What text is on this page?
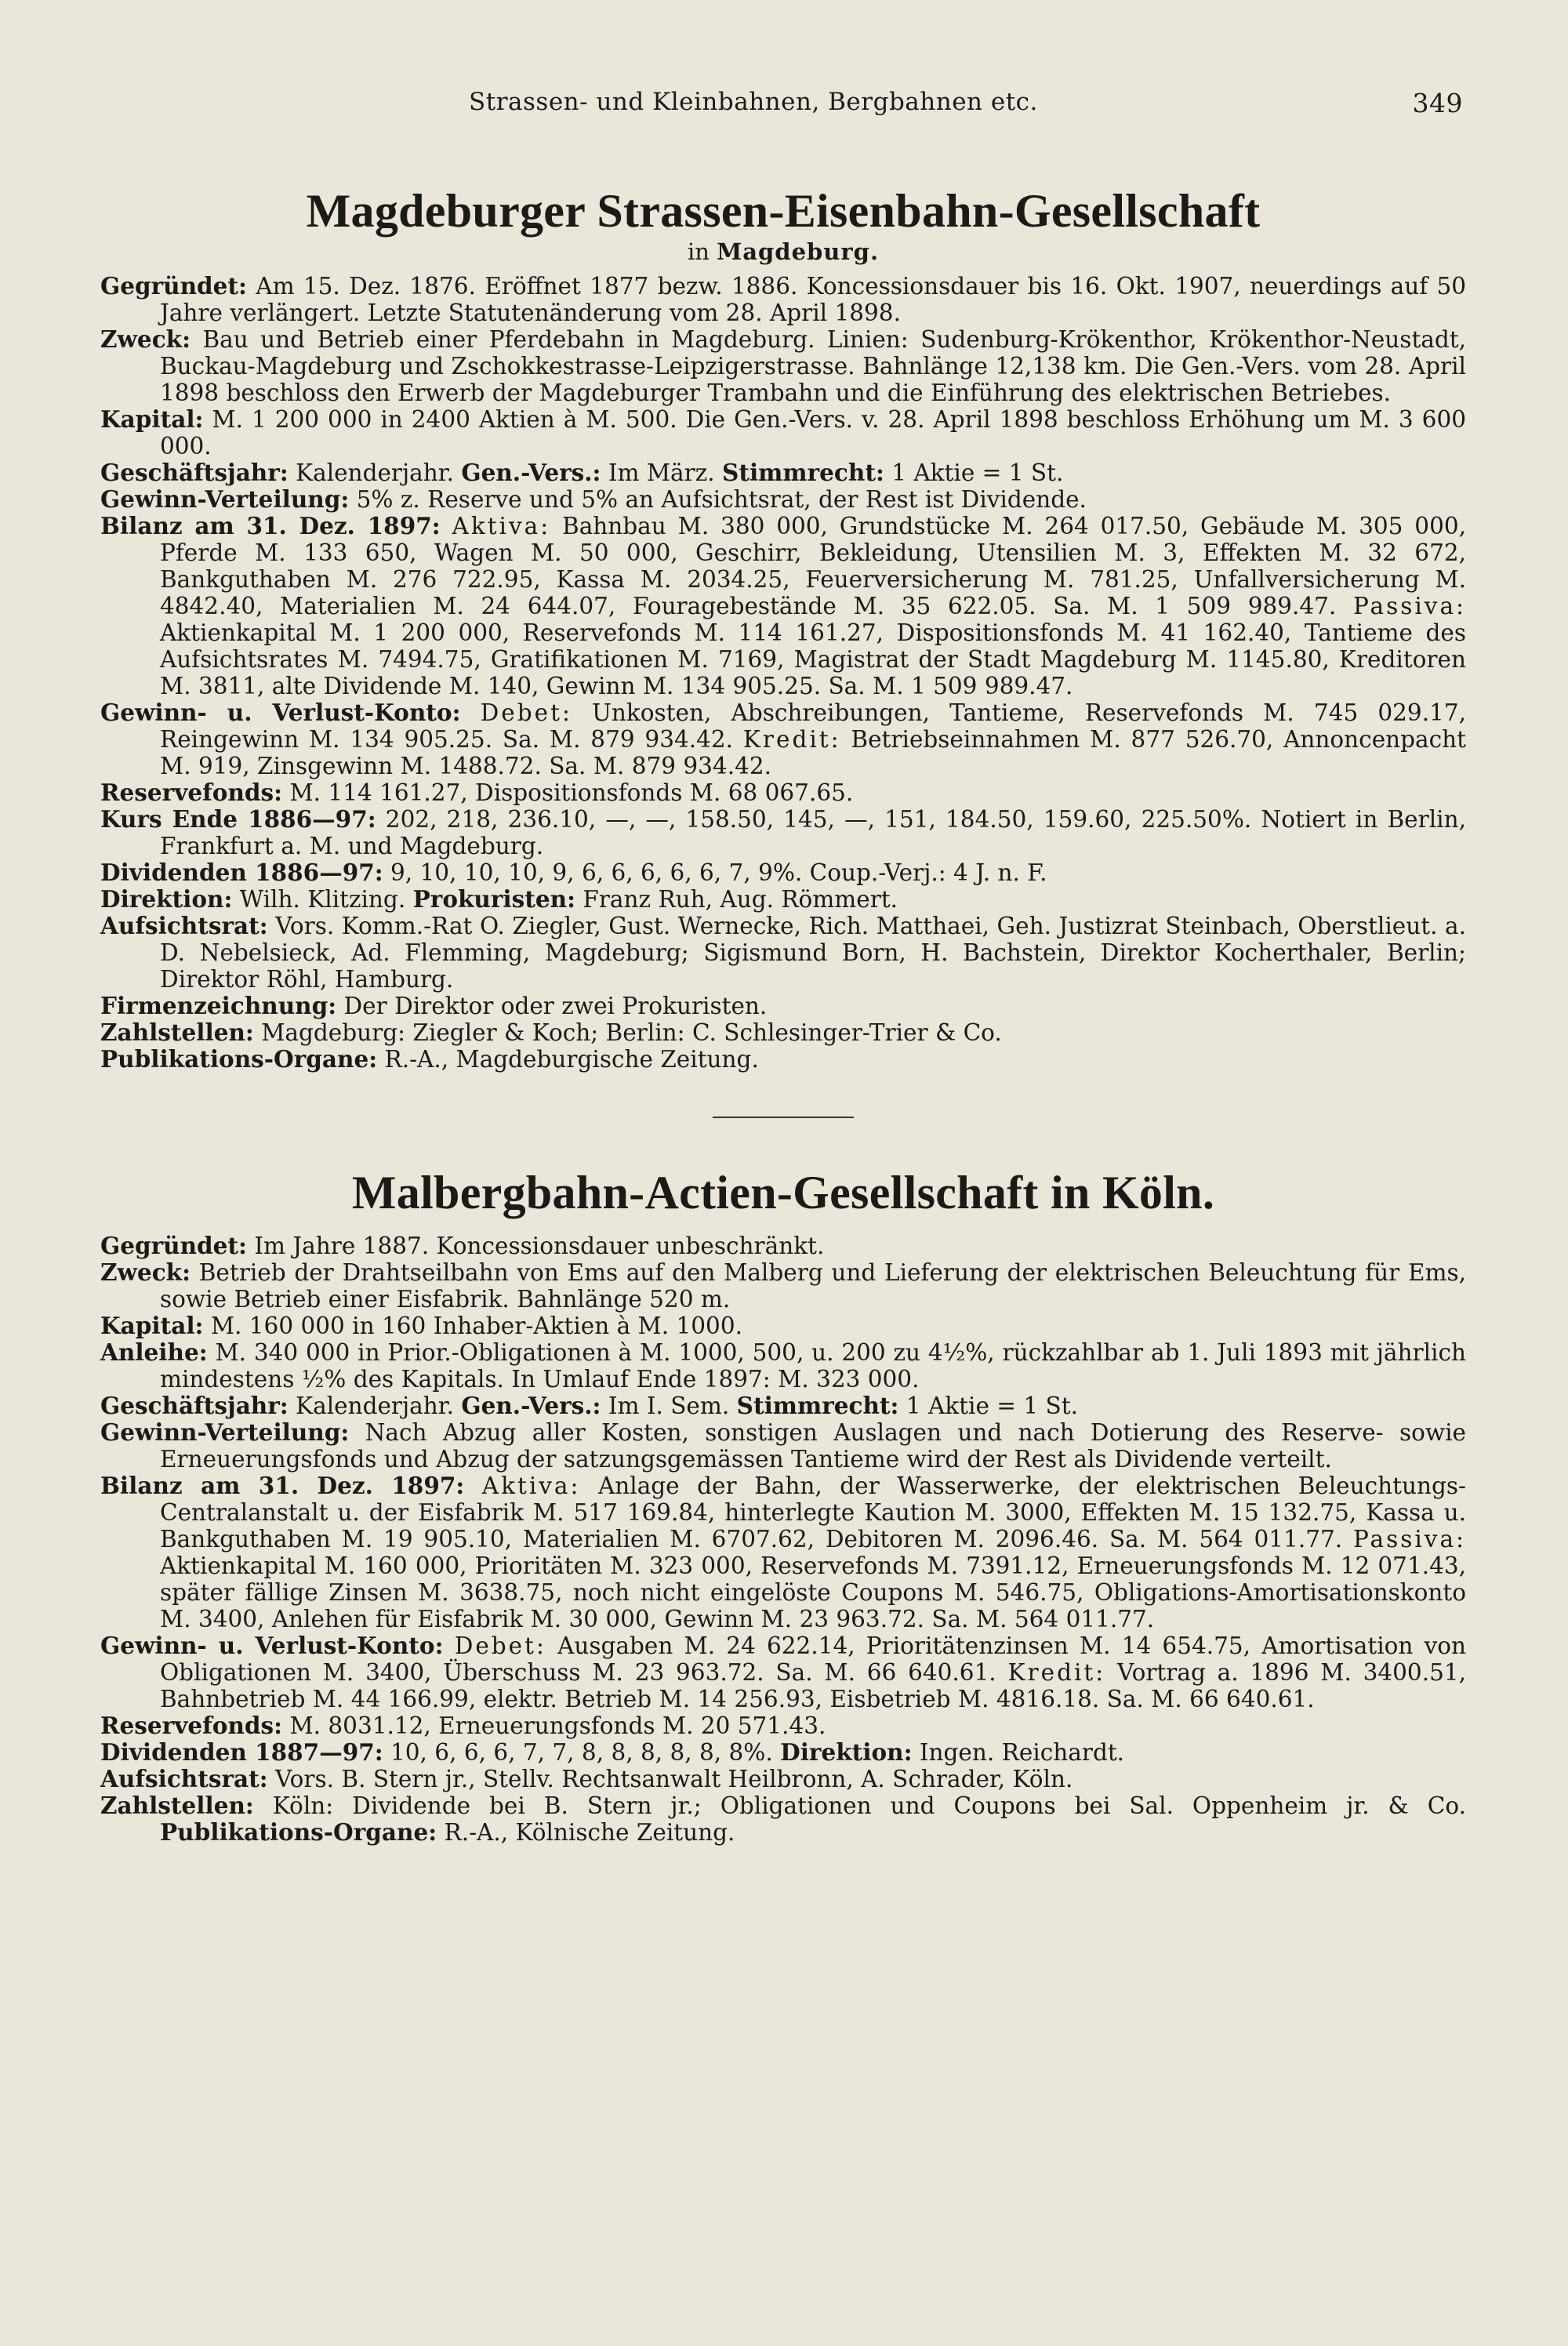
Strassen- und Kleinbahnen, Bergbahnen etc.	349
Magdeburger Strassen-Eisenbahn-Gesellschaft
in Magdeburg.

Gegründet: Am 15. Dez. 1876. Eröffnet 1877 bezw. 1886. Koncessionsdauer bis 16. Okt. 1907, neuerdings auf 50 Jahre verlängert. Letzte Statutenänderung vom 28. April 1898.

Zweck: Bau und Betrieb einer Pferdebahn in Magdeburg. Linien: Sudenburg-Krökenthor, Krökenthor-Neustadt, Buckau-Magdeburg und Zschokkestrasse-Leipzigerstrasse. Bahnlänge 12,138 km. Die Gen.-Vers. vom 28. April 1898 beschloss den Erwerb der Magdeburger Trambahn und die Einführung des elektrischen Betriebes.

Kapital: M. 1 200 000 in 2400 Aktien à M. 500. Die Gen.-Vers. v. 28. April 1898 beschloss Erhöhung um M. 3 600 000.

Geschäftsjahr: Kalenderjahr. Gen.-Vers.: Im März. Stimmrecht: 1 Aktie = 1 St.

Gewinn-Verteilung: 5% z. Reserve und 5% an Aufsichtsrat, der Rest ist Dividende.

Bilanz am 31. Dez. 1897: Aktiva: Bahnbau M. 380 000, Grundstücke M. 264 017.50, Gebäude M. 305 000, Pferde M. 133 650, Wagen M. 50 000, Geschirr, Bekleidung, Utensilien M. 3, Effekten M. 32 672, Bankguthaben M. 276 722.95, Kassa M. 2034.25, Feuerversicherung M. 781.25, Unfallversicherung M. 4842.40, Materialien M. 24 644.07, Fouragebestände M. 35 622.05. Sa. M. 1 509 989.47. Passiva: Aktienkapital M. 1 200 000, Reservefonds M. 114 161.27, Dispositionsfonds M. 41 162.40, Tantieme des Aufsichtsrates M. 7494.75, Gratifikationen M. 7169, Magistrat der Stadt Magdeburg M. 1145.80, Kreditoren M. 3811, alte Dividende M. 140, Gewinn M. 134 905.25. Sa. M. 1 509 989.47.

Gewinn- u. Verlust-Konto: Debet: Unkosten, Abschreibungen, Tantieme, Reservefonds M. 745 029.17, Reingewinn M. 134 905.25. Sa. M. 879 934.42. Kredit: Betriebseinnahmen M. 877 526.70, Annoncenpacht M. 919, Zinsgewinn M. 1488.72. Sa. M. 879 934.42.

Reservefonds: M. 114 161.27, Dispositionsfonds M. 68 067.65.

Kurs Ende 1886—97: 202, 218, 236.10, —, —, 158.50, 145, —, 151, 184.50, 159.60, 225.50%. Notiert in Berlin, Frankfurt a. M. und Magdeburg.

Dividenden 1886—97: 9, 10, 10, 10, 9, 6, 6, 6, 6, 6, 7, 9%. Coup.-Verj.: 4 J. n. F.

Direktion: Wilh. Klitzing. Prokuristen: Franz Ruh, Aug. Römmert.

Aufsichtsrat: Vors. Komm.-Rat O. Ziegler, Gust. Wernecke, Rich. Matthaei, Geh. Justizrat Steinbach, Oberstlieut. a. D. Nebelsieck, Ad. Flemming, Magdeburg; Sigismund Born, H. Bachstein, Direktor Kocherthaler, Berlin; Direktor Röhl, Hamburg.

Firmenzeichnung: Der Direktor oder zwei Prokuristen.

Zahlstellen: Magdeburg: Ziegler & Koch; Berlin: C. Schlesinger-Trier & Co.

Publikations-Organe: R.-A., Magdeburgische Zeitung.

Malbergbahn-Actien-Gesellschaft in Köln.

Gegründet: Im Jahre 1887. Koncessionsdauer unbeschränkt.

Zweck: Betrieb der Drahtseilbahn von Ems auf den Malberg und Lieferung der elektrischen Beleuchtung für Ems, sowie Betrieb einer Eisfabrik. Bahnlänge 520 m.

Kapital: M. 160 000 in 160 Inhaber-Aktien à M. 1000.

Anleihe: M. 340 000 in Prior.-Obligationen à M. 1000, 500, u. 200 zu 4½%, rückzahlbar ab 1. Juli 1893 mit jährlich mindestens ½% des Kapitals. In Umlauf Ende 1897: M. 323 000.

Geschäftsjahr: Kalenderjahr. Gen.-Vers.: Im I. Sem. Stimmrecht: 1 Aktie = 1 St.

Gewinn-Verteilung: Nach Abzug aller Kosten, sonstigen Auslagen und nach Dotierung des Reserve- sowie Erneuerungsfonds und Abzug der satzungsgemässen Tantieme wird der Rest als Dividende verteilt.

Bilanz am 31. Dez. 1897: Aktiva: Anlage der Bahn, der Wasserwerke, der elektrischen Beleuchtungs-Centralanstalt u. der Eisfabrik M. 517 169.84, hinterlegte Kaution M. 3000, Effekten M. 15 132.75, Kassa u. Bankguthaben M. 19 905.10, Materialien M. 6707.62, Debitoren M. 2096.46. Sa. M. 564 011.77. Passiva: Aktienkapital M. 160 000, Prioritäten M. 323 000, Reservefonds M. 7391.12, Erneuerungsfonds M. 12 071.43, später fällige Zinsen M. 3638.75, noch nicht eingelöste Coupons M. 546.75, Obligations-Amortisationskonto M. 3400, Anlehen für Eisfabrik M. 30 000, Gewinn M. 23 963.72. Sa. M. 564 011.77.

Gewinn- u. Verlust-Konto: Debet: Ausgaben M. 24 622.14, Prioritätenzinsen M. 14 654.75, Amortisation von Obligationen M. 3400, Überschuss M. 23 963.72. Sa. M. 66 640.61. Kredit: Vortrag a. 1896 M. 3400.51, Bahnbetrieb M. 44 166.99, elektr. Betrieb M. 14 256.93, Eisbetrieb M. 4816.18. Sa. M. 66 640.61.

Reservefonds: M. 8031.12, Erneuerungsfonds M. 20 571.43.

Dividenden 1887—97: 10, 6, 6, 6, 7, 7, 8, 8, 8, 8, 8, 8%. Direktion: Ingen. Reichardt.

Aufsichtsrat: Vors. B. Stern jr., Stellv. Rechtsanwalt Heilbronn, A. Schrader, Köln.

Zahlstellen: Köln: Dividende bei B. Stern jr.; Obligationen und Coupons bei Sal. Oppenheim jr. & Co. Publikations-Organe: R.-A., Kölnische Zeitung.
